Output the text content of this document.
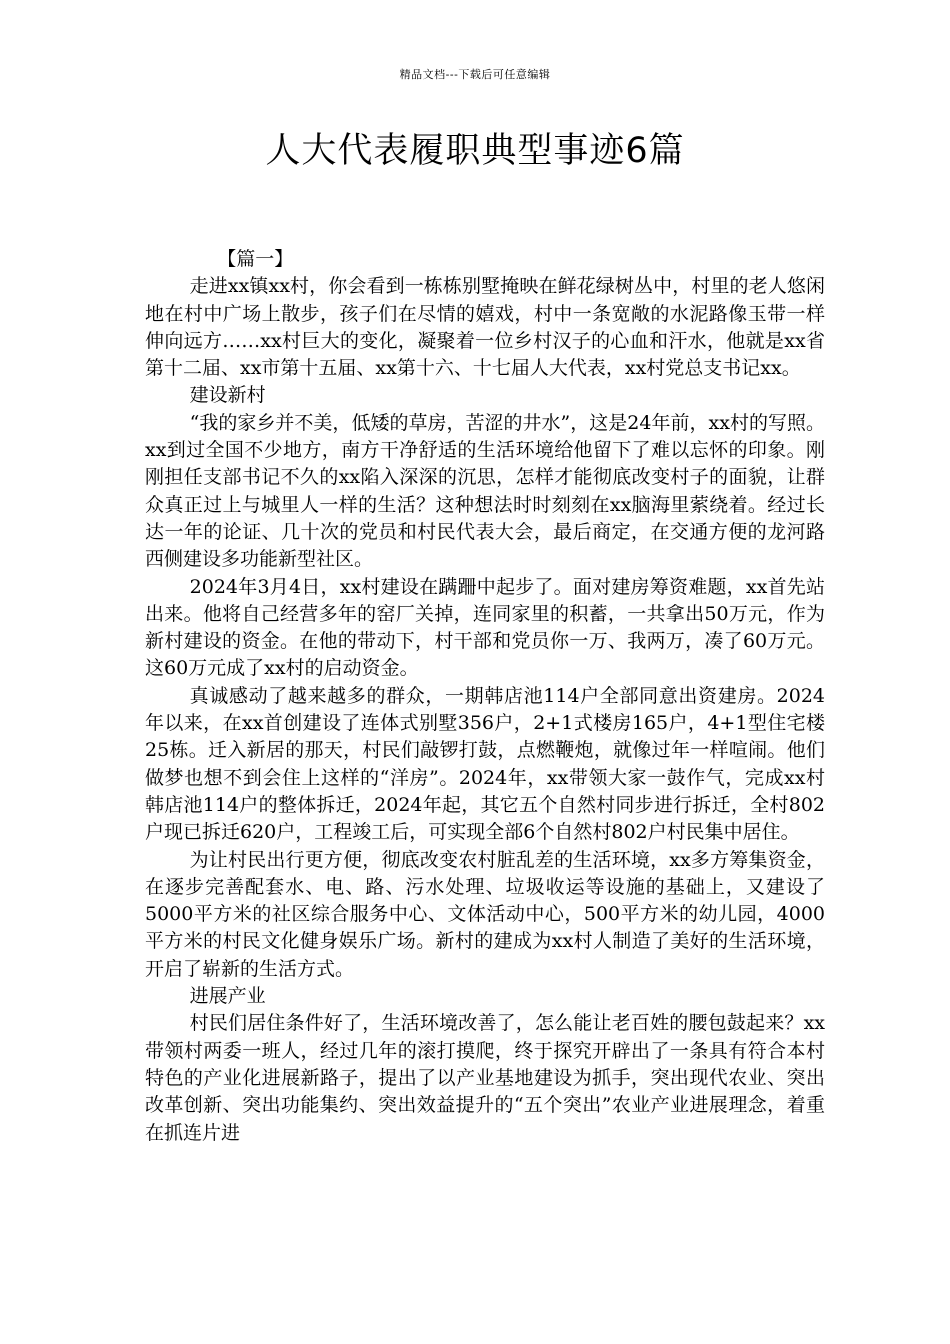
精品文档---下载后可任意编辑
人大代表履职典型事迹6篇

【篇一】

走进xx镇xx村，你会看到一栋栋别墅掩映在鲜花绿树丛中，村里的老人悠闲地在村中广场上散步，孩子们在尽情的嬉戏，村中一条宽敞的水泥路像玉带一样伸向远方……xx村巨大的变化，凝聚着一位乡村汉子的心血和汗水，他就是xx省第十二届、xx市第十五届、xx第十六、十七届人大代表，xx村党总支书记xx。

建设新村

“我的家乡并不美，低矮的草房，苦涩的井水”，这是24年前，xx村的写照。xx到过全国不少地方，南方干净舒适的生活环境给他留下了难以忘怀的印象。刚刚担任支部书记不久的xx陷入深深的沉思，怎样才能彻底改变村子的面貌，让群众真正过上与城里人一样的生活？这种想法时时刻刻在xx脑海里萦绕着。经过长达一年的论证、几十次的党员和村民代表大会，最后商定，在交通方便的龙河路西侧建设多功能新型社区。

2024年3月4日，xx村建设在蹒跚中起步了。面对建房筹资难题，xx首先站出来。他将自己经营多年的窑厂关掉，连同家里的积蓄，一共拿出50万元，作为新村建设的资金。在他的带动下，村干部和党员你一万、我两万，凑了60万元。这60万元成了xx村的启动资金。

真诚感动了越来越多的群众，一期韩店池114户全部同意出资建房。2024年以来，在xx首创建设了连体式别墅356户，2+1式楼房165户，4+1型住宅楼25栋。迁入新居的那天，村民们敲锣打鼓，点燃鞭炮，就像过年一样喧闹。他们做梦也想不到会住上这样的“洋房”。2024年，xx带领大家一鼓作气，完成xx村韩店池114户的整体拆迁，2024年起，其它五个自然村同步进行拆迁，全村802户现已拆迁620户，工程竣工后，可实现全部6个自然村802户村民集中居住。

为让村民出行更方便，彻底改变农村脏乱差的生活环境，xx多方筹集资金，在逐步完善配套水、电、路、污水处理、垃圾收运等设施的基础上，又建设了5000平方米的社区综合服务中心、文体活动中心，500平方米的幼儿园，4000平方米的村民文化健身娱乐广场。新村的建成为xx村人制造了美好的生活环境，开启了崭新的生活方式。

进展产业

村民们居住条件好了，生活环境改善了，怎么能让老百姓的腰包鼓起来？xx带领村两委一班人，经过几年的滚打摸爬，终于探究开辟出了一条具有符合本村特色的产业化进展新路子，提出了以产业基地建设为抓手，突出现代农业、突出改革创新、突出功能集约、突出效益提升的“五个突出”农业产业进展理念，着重在抓连片进
